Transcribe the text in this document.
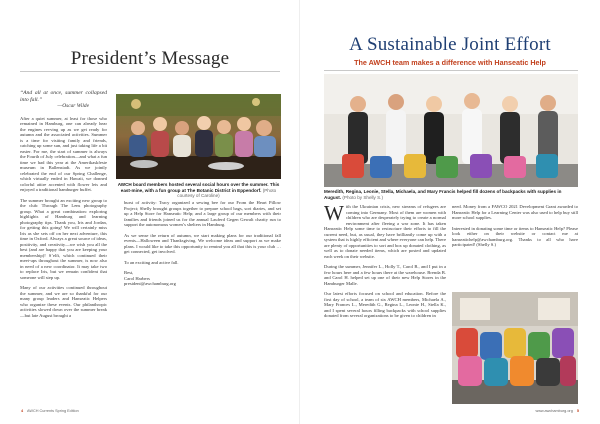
President’s Message

“And all at once, summer collapsed into fall.”

—Oscar Wilde

After a quiet summer, at least for those who remained in Hamburg, one can already hear the engines revving up as we get ready for autumn and the associated activities. Summer is a time for visiting family and friends, catching up some sun, and just taking life a bit easier. For me, the start of summer is always the Fourth of July celebration—and what a fun time we had this year at the Amerikaskfeste museum in Ballenstadt. As we jointly celebrated the end of our Spring Challenge, which virtually ended in Hawaii, we donned colorful attire accented with flower leis and enjoyed a traditional hamburger buffet.

The summer brought an exciting new group to the club: Through The Lens photography group. What a great combination: exploring highlights of Hamburg and learning photography tips. Thank you, Iris and Jordan, for getting this going! We will certainly miss Iris as she sets off on her next adventure, this time in Oxford. Always a great source of ideas, positivity, and creativity—we wish you all the best (and are happy that you are keeping your membership)! S’elfi, which continued their meet-ups throughout the summer, is now also in need of a new coordinator. It may take two to replace Iris, but we remain confident that someone will step up.

Many of our activities continued throughout the summer, and we are so thankful for our many group leaders and Hanseatic Helpers who organize these events. Our philanthropic activities slowed down over the summer break—but late August brought a

AWCH board members hosted several social hours over the summer. This east-mine, with a fun group at The Botanic District in Eppendorf. (Photo courtesy of Caroline)

burst of activity: Tracy organized a sewing bee for our From the Heart Pillow Project; Shelly brought groups together to prepare school bags, sort diaries, and set up a Help Store for Hanseatic Help; and a large group of our members with their families and friends joined us for the annual Lauferd Gegen Gewalt charity run to support the autonomous women’s shelters in Hamburg.

As we sense the return of autumn, we start making plans for our traditional fall events—Halloween and Thanksgiving. We welcome ideas and support as we make plans. I would like to take this opportunity to remind you all that this is your club … get connected, get involved.

To an exciting and active fall.

Best,
Carol Harbers
president@awchamburg.org
4 AWCH Currents Spring Edition
A Sustainable Joint Effort
The AWCH team makes a difference with Hanseatic Help
Meredith, Regina, Leonie, Stella, Michaela, and Mary Francis helped fill dozens of backpacks with supplies in August. (Photo by Shelly S.)

With the Ukrainian crisis, new streams of refugees are coming into Germany. Most of them are women with children who are desperately trying to create a normal environment after fleeing a war zone. It has taken Hanseatic Help some time to restructure their efforts to fill the current need, but, as usual, they have brilliantly come up with a system that is highly efficient and where everyone can help. There are plenty of opportunities to sort and box up donated clothing, as well as to donate needed items, which are posted and updated each week on their website.

During the summer, Jennifer L., Holly T., Carol B., and I put in a few hours here and a few hours there at the warehouse. Brenda B. and Carol H. helped set up one of their new Help Stores in the Hamburger Malle.

Our latest efforts focused on school and education. Before the first day of school, a team of six AWCH members, Michaela A., Mary Frances L., Meredith G., Regina L., Leonie H., Stella K., and I spent several hours filling backpacks with school supplies donated from several organizations to be given to children in

need. Money from a FAWCO 2021 Development Grant awarded to Hanseatic Help for a Learning Center was also used to help buy still more school supplies.

Interested in donating some time or items to Hanseatic Help? Please look either on their website or contact me at hanseatichelp@awchamburg.org. Thanks to all who have participated! (Shelly S.)

www.awchamburg.org 5
